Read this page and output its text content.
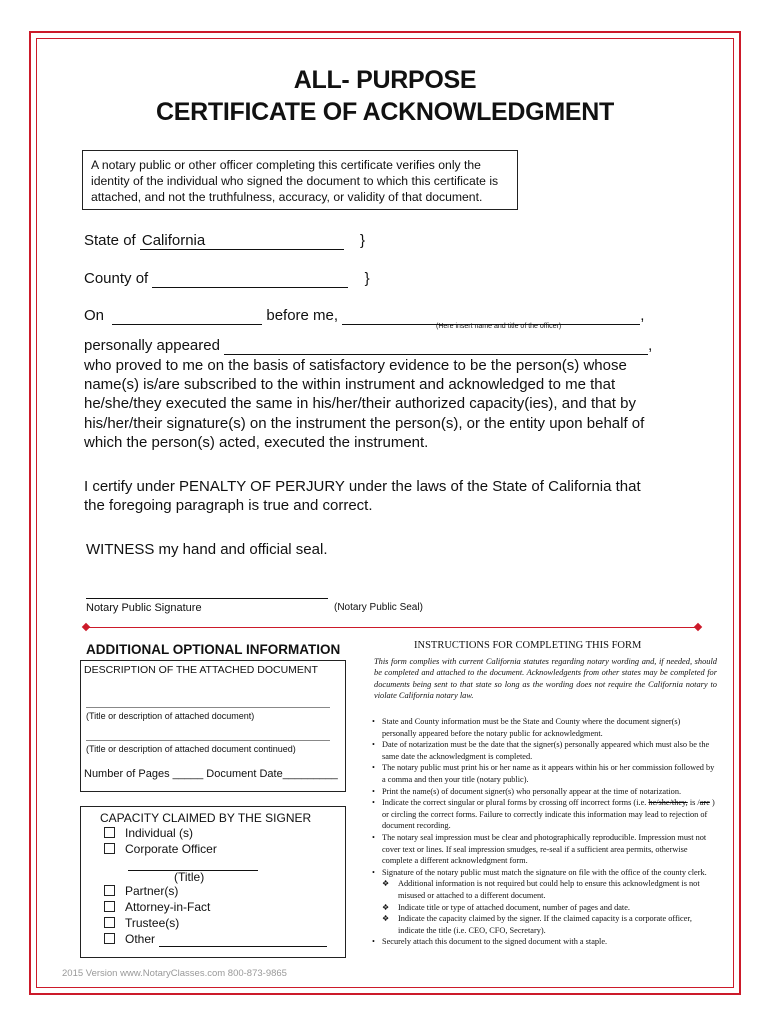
ALL- PURPOSE
CERTIFICATE OF ACKNOWLEDGMENT
A notary public or other officer completing this certificate verifies only the identity of the individual who signed the document to which this certificate is attached, and not the truthfulness, accuracy, or validity of that document.
State of California	}
County of	}
On	before me,	,
(Here insert name and title of the officer)
personally appeared	,
who proved to me on the basis of satisfactory evidence to be the person(s) whose name(s) is/are subscribed to the within instrument and acknowledged to me that he/she/they executed the same in his/her/their authorized capacity(ies), and that by his/her/their signature(s) on the instrument the person(s), or the entity upon behalf of which the person(s) acted, executed the instrument.
I certify under PENALTY OF PERJURY under the laws of the State of California that the foregoing paragraph is true and correct.
WITNESS my hand and official seal.
Notary Public Signature	(Notary Public Seal)
ADDITIONAL OPTIONAL INFORMATION
DESCRIPTION OF THE ATTACHED DOCUMENT
(Title or description of attached document)
(Title or description of attached document continued)
Number of Pages _____ Document Date_________
CAPACITY CLAIMED BY THE SIGNER
Individual (s)
Corporate Officer
(Title)
Partner(s)
Attorney-in-Fact
Trustee(s)
Other
2015 Version www.NotaryClasses.com 800-873-9865
INSTRUCTIONS FOR COMPLETING THIS FORM
This form complies with current California statutes regarding notary wording and, if needed, should be completed and attached to the document. Acknowledgents from other states may be completed for documents being sent to that state so long as the wording does not require the California notary to violate California notary law.
• State and County information must be the State and County where the document signer(s) personally appeared before the notary public for acknowledgment.
• Date of notarization must be the date that the signer(s) personally appeared which must also be the same date the acknowledgment is completed.
• The notary public must print his or her name as it appears within his or her commission followed by a comma and then your title (notary public).
• Print the name(s) of document signer(s) who personally appear at the time of notarization.
• Indicate the correct singular or plural forms by crossing off incorrect forms (i.e. he/she/they, is /are ) or circling the correct forms. Failure to correctly indicate this information may lead to rejection of document recording.
• The notary seal impression must be clear and photographically reproducible. Impression must not cover text or lines. If seal impression smudges, re-seal if a sufficient area permits, otherwise complete a different acknowledgment form.
• Signature of the notary public must match the signature on file with the office of the county clerk.
❖ Additional information is not required but could help to ensure this acknowledgment is not misused or attached to a different document.
❖ Indicate title or type of attached document, number of pages and date.
❖ Indicate the capacity claimed by the signer. If the claimed capacity is a corporate officer, indicate the title (i.e. CEO, CFO, Secretary).
• Securely attach this document to the signed document with a staple.
